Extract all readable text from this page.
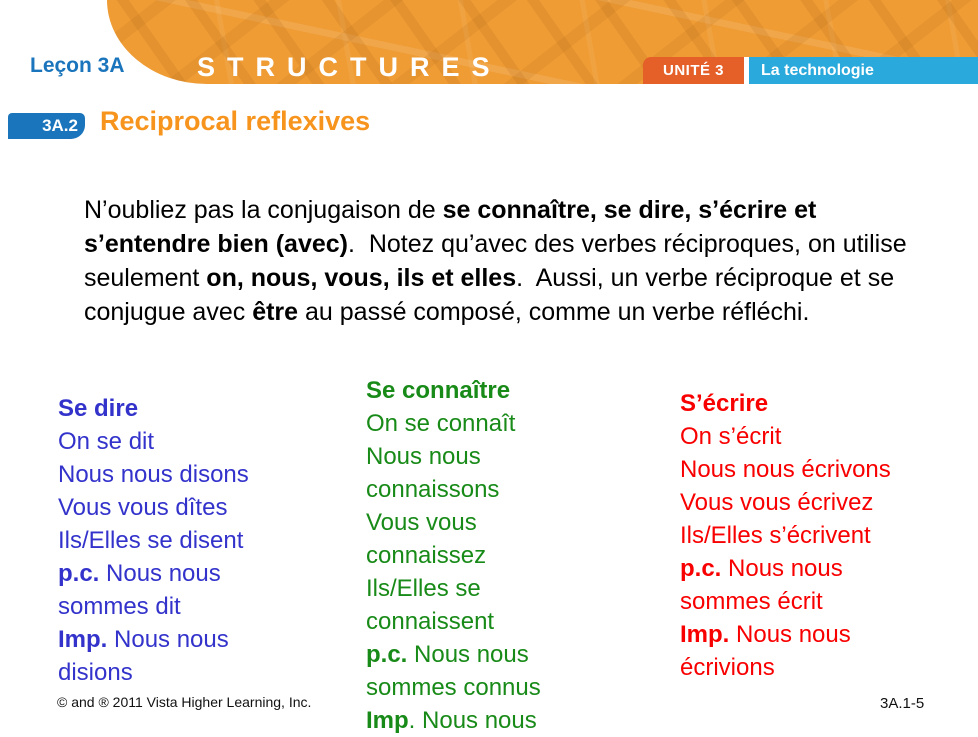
Leçon 3A	STRUCTURES	UNITÉ 3	La technologie
3A.2 Reciprocal reflexives
N’oubliez pas la conjugaison de se connaître, se dire, s’écrire et
s’entendre bien (avec).  Notez qu’avec des verbes réciproques, on utilise
seulement on, nous, vous, ils et elles.  Aussi, un verbe réciproque et se
conjugue avec être au passé composé, comme un verbe réfléchi.
Se dire
On se dit
Nous nous disons
Vous vous dîtes
Ils/Elles se disent
p.c. Nous nous
sommes dit
Imp. Nous nous
disions
Se connaître
On se connaît
Nous nous
connaissons
Vous vous
connaissez
Ils/Elles se
connaissent
p.c. Nous nous
sommes connus
Imp. Nous nous
S’écrire
On s’écrit
Nous nous écrivons
Vous vous écrivez
Ils/Elles s’écrivent
p.c. Nous nous
sommes écrit
Imp. Nous nous
écrivions
© and ® 2011 Vista Higher Learning, Inc.	3A.1-5
